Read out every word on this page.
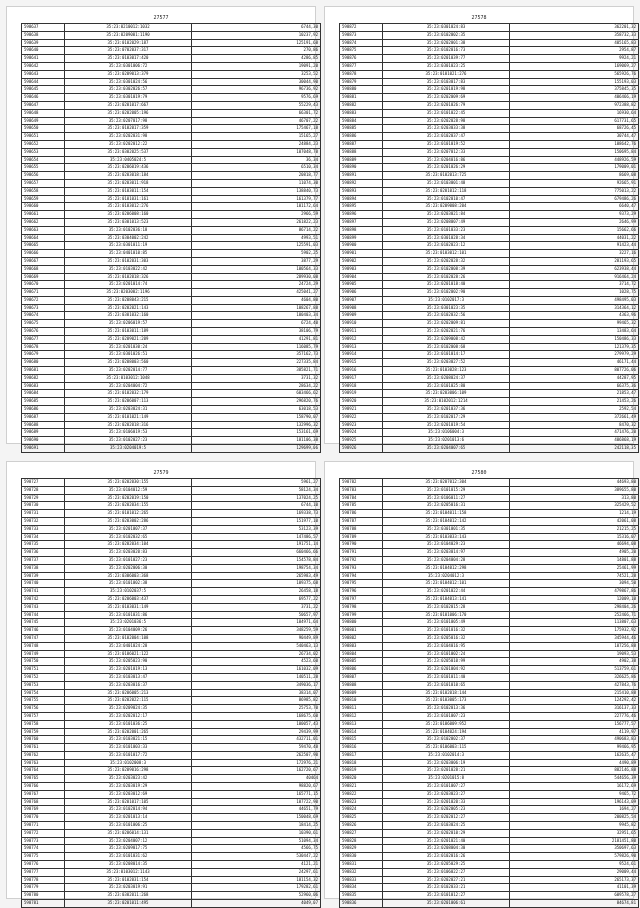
27577
598637	35:23:0210012:1032	6744,30
598638	35:23:0209001:1190	10237,92
598639	35:23:0102029:187	125191,68
598640	35:23:0702037:317	270,86
598641	35:23:0103017:420	4286,85
598642	35:23:0301006:72	19091,20
598643	35:23:0209013:379	3253,52
598644	35:23:0301024:56	30044,90
598645	35:23:0302026:57	96736,92
598646	35:23:0301019:79	9576,69
598647	35:23:0201017:667	55229,43
598648	35:23:0202005:196	66301,72
598649	35:23:0207017:98	46707,22
598650	35:23:0102017:359	175467,18
598651	35:23:0202031:98	15165,27
598652	35:23:0202012:22	24884,23
598653	35:23:0302025:537	107048,78
598654	35:23:0405024:5	36,34
598655	35:23:0206019:436	6510,34
598656	35:23:0203018:184	20818,77
598657	35:23:0203011:918	11074,30
598658	35:23:0103011:154	138840,73
598659	35:23:0101031:161	161379,77
598660	35:23:0103012:276	101172,64
598661	35:23:0206008:160	2966,59
598662	35:23:0301013:523	261822,23
598663	35:23:0102036:18	86714,22
598664	35:23:0304002:242	4993,51
598665	35:23:0301011:19	125591,03
598666	35:23:0401010:85	5902,25
598667	35:23:0102031:303	3877,29
598668	35:23:0103022:42	100564,33
598669	35:23:0102018:326	289930,08
598670	35:23:0201014:74	24724,29
598671	35:23:0203002:1196	425041,27
598672	35:23:0208043:215	4604,80
598673	35:23:0202021:143	108267,88
598674	35:23:0301032:160	100403,34
598675	35:23:0206019:57	6724,40
598676	35:23:0103011:189	38106,79
598677	35:23:0209021:209	41291,81
598678	35:23:0201030:24	116085,79
598679	35:23:0301026:51	357162,73
598680	35:23:0208003:560	227335,84
598681	35:23:0202014:77	385821,71
598682	35:23:0103012:1048	3731,32
598683	35:23:0204004:72	28634,22
598684	35:23:0102032:179	603466,62
598685	35:23:0206007:113	296820,76
598686	35:23:0203024:31	63018,53
598687	35:23:0101021:149	158790,07
598688	35:23:0202018:316	132996,32
598689	35:23:0106019:53	153161,69
598690	35:23:0102027:23	181106,38
598691	35:23:0204019:5	129699,06
27578
598872	35:23:0301024:83	362201,32
598873	35:23:0102002:35	358732,33
598874	35:23:0202001:38	405165,83
598875	35:23:0102016:73	2954,87
598876	35:23:0201039:77	9924,21
598877	35:23:0301023:25	169069,27
598878	35:23:0101021:276	565926,76
598879	35:23:0103017:83	155193,03
598880	35:23:0201019:98	375845,35
598881	35:23:0202009:69	406466,19
598882	35:23:0201026:79	972388,82
598883	35:23:0101022:45	16930,64
598884	35:23:0202028:98	617731,65
598885	35:23:0203033:38	68726,45
598886	35:23:0102037:47	30744,47
598887	35:23:0101019:52	108642,76
598888	35:23:0207012:33	150695,84
598889	35:23:0204016:86	448926,59
598890	35:23:0201026:29	179009,01
598891	35:23:0102013:725	8669,08
598892	35:23:0103001:48	92665,91
598893	35:23:0201012:118	775013,22
598894	35:23:0102010:47	679486,26
598895	35:23:0209008:204	6640,47
598896	35:23:0203021:84	9373,29
598897	35:23:0208007:49	2646,99
598898	35:23:0101033:23	15662,66
598899	35:23:0301028:34	44031,22
598900	35:23:0102023:12	91423,44
598901	35:23:0103012:101	3227,16
598902	35:23:0202028:32	281193,65
598903	35:23:0102008:39	623938,44
598904	35:23:0102028:26	916464,24
598905	35:23:0201018:40	3714,72
598906	35:23:0102002:90	1028,75
598907	35:23:0102017:3	498495,03
598908	35:23:0301023:35	314364,12
598909	35:23:0102032:56	4363,96
598910	35:23:0202009:81	99465,32
598911	35:23:0202021:76	13483,64
598912	35:23:0209008:42	150486,33
598913	35:23:0102008:68	121379,35
598914	35:23:0101014:17	279979,29
598915	35:23:0203027:52	46171,44
598916	35:23:0103028:123	807726,06
598917	35:23:0208024:37	44287,95
598918	35:23:0101025:80	66375,36
598919	35:23:0203006:109	21853,47
598920	35:23:0102012:1214	21453,26
598921	35:23:0201037:36	2592,54
598922	35:23:0102017:29	372661,49
598923	35:23:0201019:54	8470,32
598924	35:23:0106004:3	471476,20
598925	35:23:0201013:6	406868,19
598926	35:23:0204007:65	242118,35
27579
598727	35:23:0202030:155	5961,27
598728	35:23:0104012:59	58124,34
598729	35:23:0202019:150	137024,25
598730	35:23:0202034:155	6744,10
598731	35:23:0101012:265	169338,73
598732	35:23:0203002:286	151977,10
598733	35:23:0201007:37	53123,39
598734	35:23:0102032:65	147486,57
598735	35:23:0202034:104	191751,14
598736	35:23:0203020:83	660466,66
598737	35:23:0101027:23	154578,84
598738	35:23:0202006:30	198754,34
598739	35:23:0306003:368	265983,49
598740	35:23:0101002:38	109375,68
598741	35:23:0102037:5	26458,18
598742	35:23:0206003:437	69577,22
598743	35:23:0103031:149	3731,22
598744	35:23:0101031:86	50657,97
598745	35:23:0201036:5	104971,64
598746	35:23:0104009:26	348259,59
598747	35:23:0102004:108	90449,89
598748	35:23:0401024:28	540463,13
598749	35:23:0106021:122	26734,02
598750	35:23:0205023:90	4523,60
598751	35:23:0201019:13	161032,09
598752	35:23:0103013:47	140511,28
598753	35:23:0203016:37	349036,17
598754	35:23:0206005:213	38314,07
598755	35:23:0202022:115	86985,82
598756	35:23:0209024:35	25753,70
598757	35:23:0202012:17	168675,60
598758	35:23:0101036:25	100057,43
598759	35:23:0202001:265	29439,99
598760	35:23:0103021:15	432711,01
598761	35:23:0101003:33	59470,48
598762	35:23:0101017:72	262507,90
598763	35:23:0102008:3	172976,21
598764	35:23:0209016:298	162720,67
598765	35:23:0203023:42	40464
598766	35:23:0203019:29	98820,67
598767	35:23:0203012:69	165771,15
598768	35:23:0201017:105	107722,90
598769	35:23:0102014:94	44651,79
598770	35:23:0201013:14	150048,69
598771	35:23:0101006:25	18414,25
598772	35:23:0206014:131	10390,61
598773	35:23:0204007:12	51094,34
598774	35:23:0209017:75	4566,75
598775	35:23:0101031:62	530447,22
598776	35:23:0208014:35	4121,21
598777	35:23:0103012:1143	24297,61
598778	35:23:0102031:154	181154,32
598779	35:23:0203019:91	179282,61
598780	35:23:0302011:268	52960,06
598781	35:23:0201011:495	4049,07
27580
598782	35:23:0207012:304	44693,80
598783	35:23:0101015:29	389655,80
598784	35:23:0106011:27	313,80
598785	35:23:0205016:31	325429,52
598786	35:23:0104011:158	1214,19
598787	35:23:0104012:142	42061,08
598788	35:23:0301001:35	21215,25
598789	35:23:0103033:143	15316,07
598790	35:23:0104029:23	46694,08
598791	35:23:0203014:97	4905,20
598792	35:23:0204004:28	14801,88
598793	35:23:0104012:298	25461,99
598794	35:23:0204012:3	74521,28
598795	35:23:0104012:101	3094,50
598796	35:23:0201022:44	479867,86
598797	35:23:0104013:141	12009,10
598798	35:23:0102015:28	298404,26
598799	35:23:0101006:170	252466,71
598800	35:23:0101005:49	113807,63
598801	35:23:0101016:32	175932,92
598802	35:23:0205016:32	345944,46
598803	35:23:0104016:95	107256,88
598804	35:23:0101002:24	19093,53
598805	35:23:0205010:99	4902,38
598806	35:23:0201004:92	513759,61
598807	35:23:0101011:40	326625,86
598808	35:23:0101010:65	427843,76
598809	35:23:0102018:144	215410,88
598810	35:23:0103005:173	124292,42
598811	35:23:0102013:36	316137,33
598812	35:23:0101007:23	227776,46
598813	35:23:0106009:952	156777,57
598814	35:23:0104024:194	4119,97
598815	35:23:0102002:37	490683,83
598816	35:23:0106003:115	99466,95
598817	35:23:0102014:3	162635,47
598818	35:23:0203006:19	4490,89
598819	35:23:0201028:21	882146,88
598820	35:23:0201015:8	544656,39
598821	35:23:0101007:27	16172,69
598822	35:23:0203023:27	9465,72
598823	35:23:0201020:33	196143,09
598824	35:23:0202005:23	1694,27
598825	35:23:0202012:27	200825,54
598826	35:23:0103024:25	9945,82
598827	35:23:0202010:29	32951,65
598828	35:23:0201021:40	2181451,80
598829	35:23:0208004:30	350697,63
598830	35:23:0102016:26	579826,90
598831	35:23:0205029:25	9524,61
598832	35:23:0106022:27	29009,44
598833	35:23:0202027:21	265173,37
598834	35:23:0102033:21	41101,39
598835	35:23:0101012:27	609578,27
598836	35:23:0201006:61	84674,81
